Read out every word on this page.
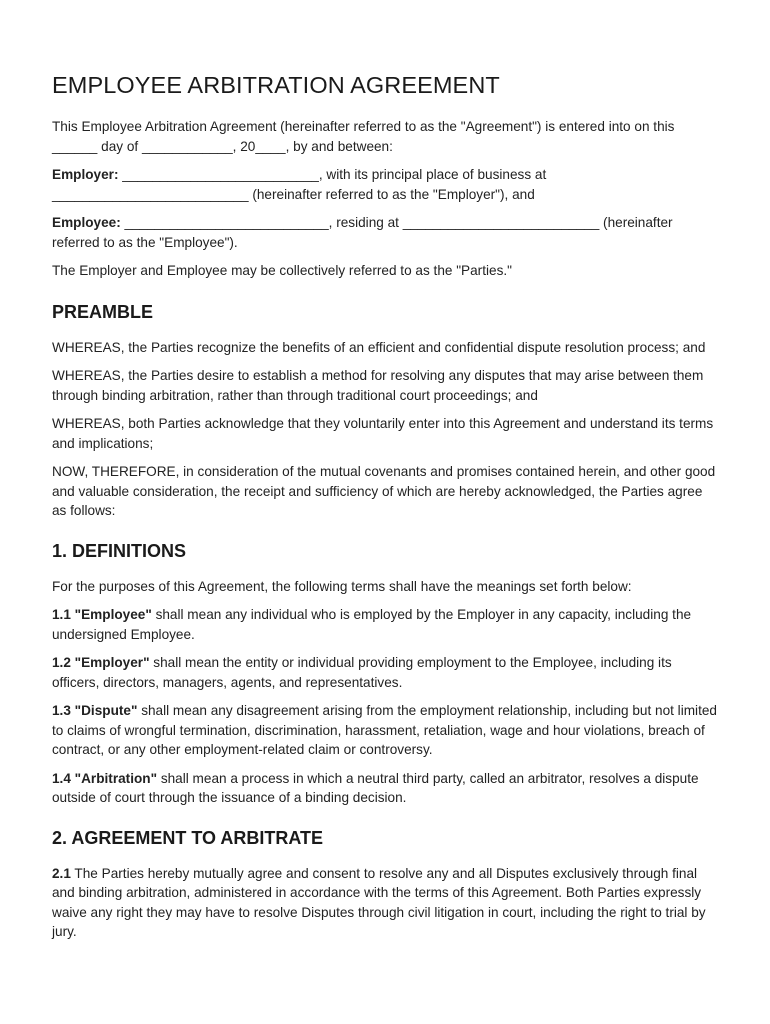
EMPLOYEE ARBITRATION AGREEMENT

This Employee Arbitration Agreement (hereinafter referred to as the "Agreement") is entered into on this ______ day of ____________, 20____, by and between:

Employer: __________________________, with its principal place of business at __________________________ (hereinafter referred to as the "Employer"), and

Employee: ___________________________, residing at __________________________ (hereinafter referred to as the "Employee").

The Employer and Employee may be collectively referred to as the "Parties."

PREAMBLE

WHEREAS, the Parties recognize the benefits of an efficient and confidential dispute resolution process; and

WHEREAS, the Parties desire to establish a method for resolving any disputes that may arise between them through binding arbitration, rather than through traditional court proceedings; and

WHEREAS, both Parties acknowledge that they voluntarily enter into this Agreement and understand its terms and implications;

NOW, THEREFORE, in consideration of the mutual covenants and promises contained herein, and other good and valuable consideration, the receipt and sufficiency of which are hereby acknowledged, the Parties agree as follows:

1. DEFINITIONS

For the purposes of this Agreement, the following terms shall have the meanings set forth below:

1.1 "Employee" shall mean any individual who is employed by the Employer in any capacity, including the undersigned Employee.

1.2 "Employer" shall mean the entity or individual providing employment to the Employee, including its officers, directors, managers, agents, and representatives.

1.3 "Dispute" shall mean any disagreement arising from the employment relationship, including but not limited to claims of wrongful termination, discrimination, harassment, retaliation, wage and hour violations, breach of contract, or any other employment-related claim or controversy.

1.4 "Arbitration" shall mean a process in which a neutral third party, called an arbitrator, resolves a dispute outside of court through the issuance of a binding decision.

2. AGREEMENT TO ARBITRATE

2.1 The Parties hereby mutually agree and consent to resolve any and all Disputes exclusively through final and binding arbitration, administered in accordance with the terms of this Agreement. Both Parties expressly waive any right they may have to resolve Disputes through civil litigation in court, including the right to trial by jury.
